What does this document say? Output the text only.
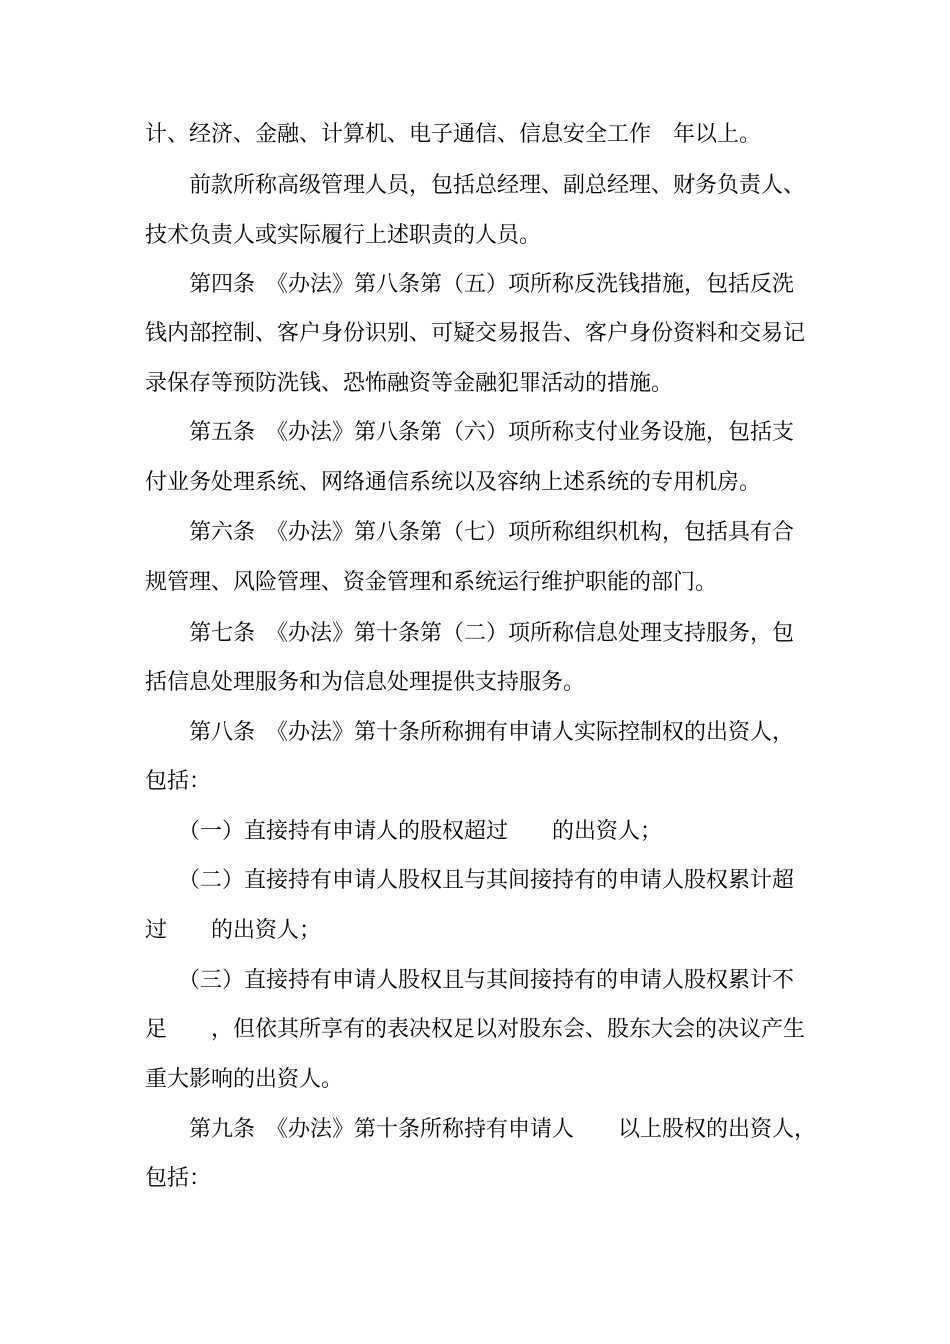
计、经济、金融、计算机、电子通信、信息安全工作　年以上。
　　前款所称高级管理人员，包括总经理、副总经理、财务负责人、
技术负责人或实际履行上述职责的人员。
　　第四条　《办法》第八条第（五）项所称反洗钱措施，包括反洗
钱内部控制、客户身份识别、可疑交易报告、客户身份资料和交易记
录保存等预防洗钱、恐怖融资等金融犯罪活动的措施。
　　第五条　《办法》第八条第（六）项所称支付业务设施，包括支
付业务处理系统、网络通信系统以及容纳上述系统的专用机房。
　　第六条　《办法》第八条第（七）项所称组织机构，包括具有合
规管理、风险管理、资金管理和系统运行维护职能的部门。
　　第七条　《办法》第十条第（二）项所称信息处理支持服务，包
括信息处理服务和为信息处理提供支持服务。
　　第八条　《办法》第十条所称拥有申请人实际控制权的出资人，
包括：
　　（一）直接持有申请人的股权超过　　的出资人；
　　（二）直接持有申请人股权且与其间接持有的申请人股权累计超
过　　的出资人；
　　（三）直接持有申请人股权且与其间接持有的申请人股权累计不
足　　，但依其所享有的表决权足以对股东会、股东大会的决议产生
重大影响的出资人。
　　第九条　《办法》第十条所称持有申请人　　以上股权的出资人，
包括：
